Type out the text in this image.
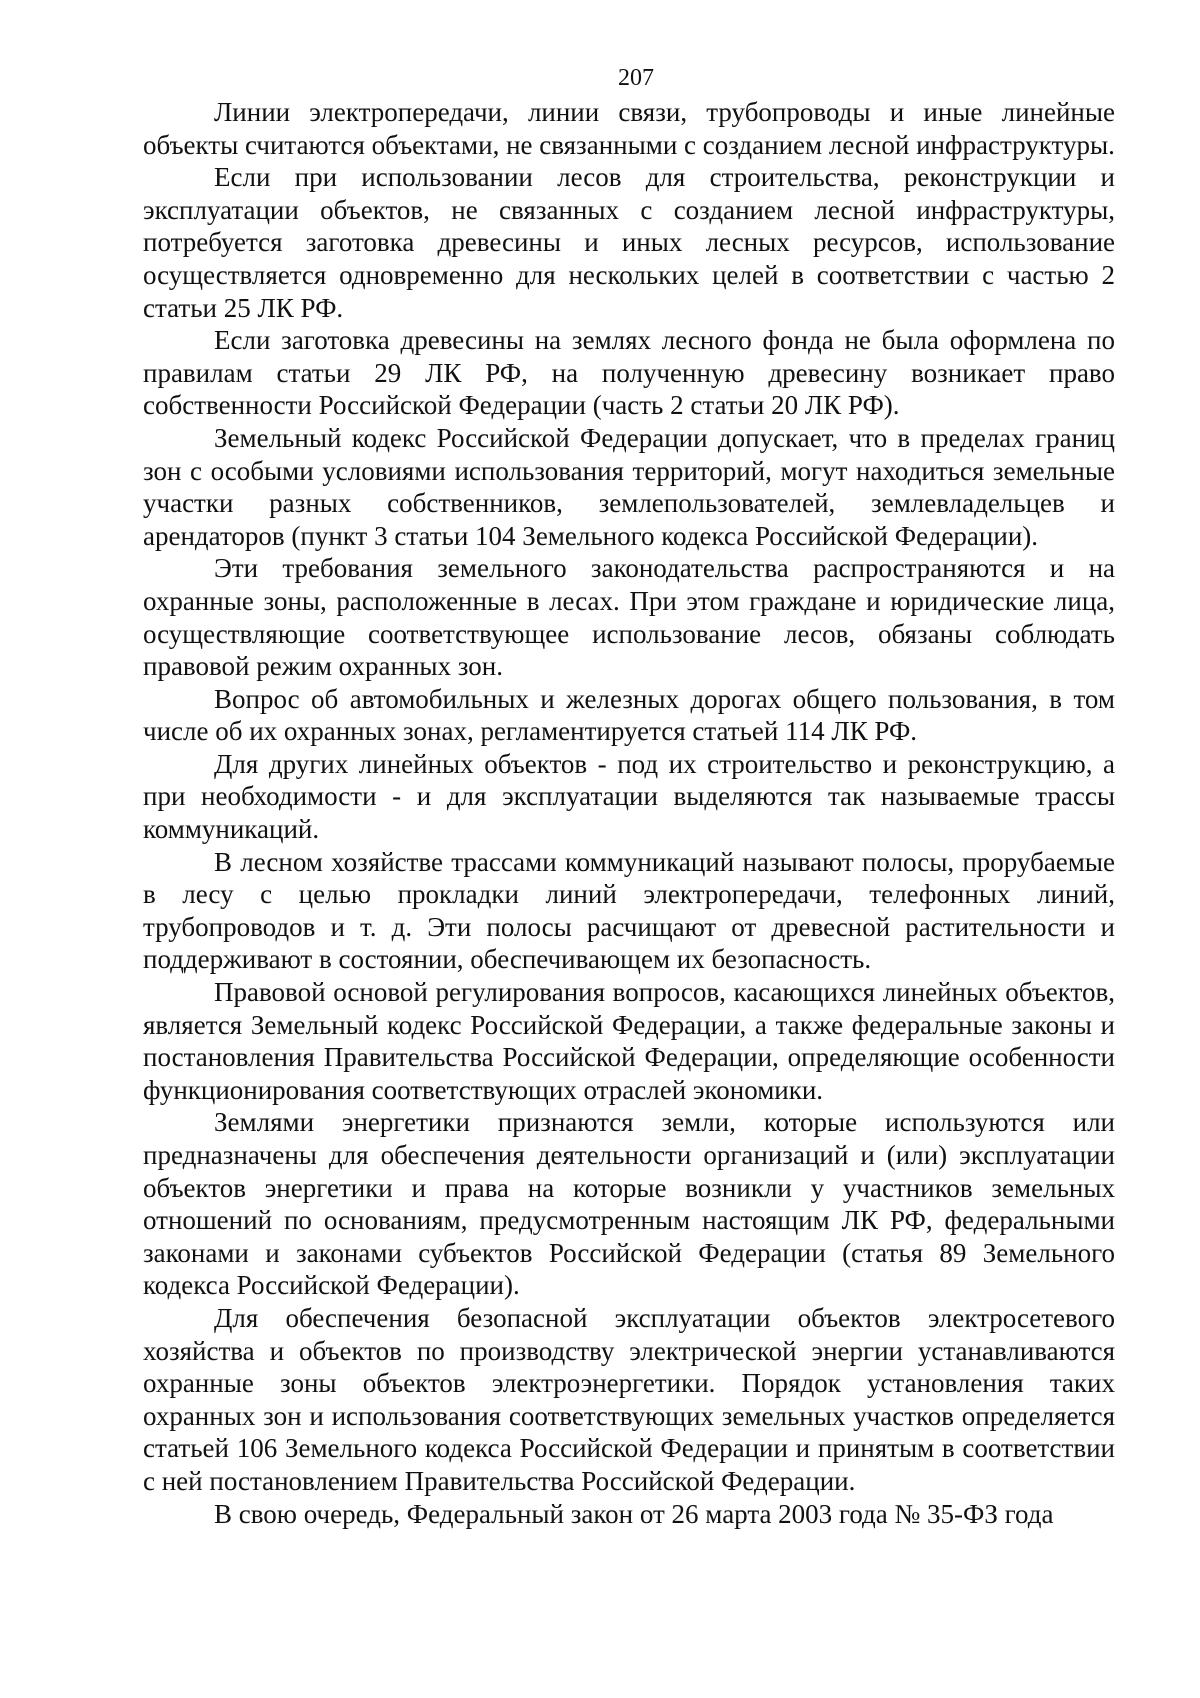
207

Линии электропередачи, линии связи, трубопроводы и иные линейные объекты считаются объектами, не связанными с созданием лесной инфраструктуры.

Если при использовании лесов для строительства, реконструкции и эксплуатации объектов, не связанных с созданием лесной инфраструктуры, потребуется заготовка древесины и иных лесных ресурсов, использование осуществляется одновременно для нескольких целей в соответствии с частью 2 статьи 25 ЛК РФ.

Если заготовка древесины на землях лесного фонда не была оформлена по правилам статьи 29 ЛК РФ, на полученную древесину возникает право собственности Российской Федерации (часть 2 статьи 20 ЛК РФ).

Земельный кодекс Российской Федерации допускает, что в пределах границ зон с особыми условиями использования территорий, могут находиться земельные участки разных собственников, землепользователей, землевладельцев и арендаторов (пункт 3 статьи 104 Земельного кодекса Российской Федерации).

Эти требования земельного законодательства распространяются и на охранные зоны, расположенные в лесах. При этом граждане и юридические лица, осуществляющие соответствующее использование лесов, обязаны соблюдать правовой режим охранных зон.

Вопрос об автомобильных и железных дорогах общего пользования, в том числе об их охранных зонах, регламентируется статьей 114 ЛК РФ.

Для других линейных объектов - под их строительство и реконструкцию, а при необходимости - и для эксплуатации выделяются так называемые трассы коммуникаций.

В лесном хозяйстве трассами коммуникаций называют полосы, прорубаемые в лесу с целью прокладки линий электропередачи, телефонных линий, трубопроводов и т. д. Эти полосы расчищают от древесной растительности и поддерживают в состоянии, обеспечивающем их безопасность.

Правовой основой регулирования вопросов, касающихся линейных объектов, является Земельный кодекс Российской Федерации, а также федеральные законы и постановления Правительства Российской Федерации, определяющие особенности функционирования соответствующих отраслей экономики.

Землями энергетики признаются земли, которые используются или предназначены для обеспечения деятельности организаций и (или) эксплуатации объектов энергетики и права на которые возникли у участников земельных отношений по основаниям, предусмотренным настоящим ЛК РФ, федеральными законами и законами субъектов Российской Федерации (статья 89 Земельного кодекса Российской Федерации).

Для обеспечения безопасной эксплуатации объектов электросетевого хозяйства и объектов по производству электрической энергии устанавливаются охранные зоны объектов электроэнергетики. Порядок установления таких охранных зон и использования соответствующих земельных участков определяется статьей 106 Земельного кодекса Российской Федерации и принятым в соответствии с ней постановлением Правительства Российской Федерации.

В свою очередь, Федеральный закон от 26 марта 2003 года № 35-ФЗ года
